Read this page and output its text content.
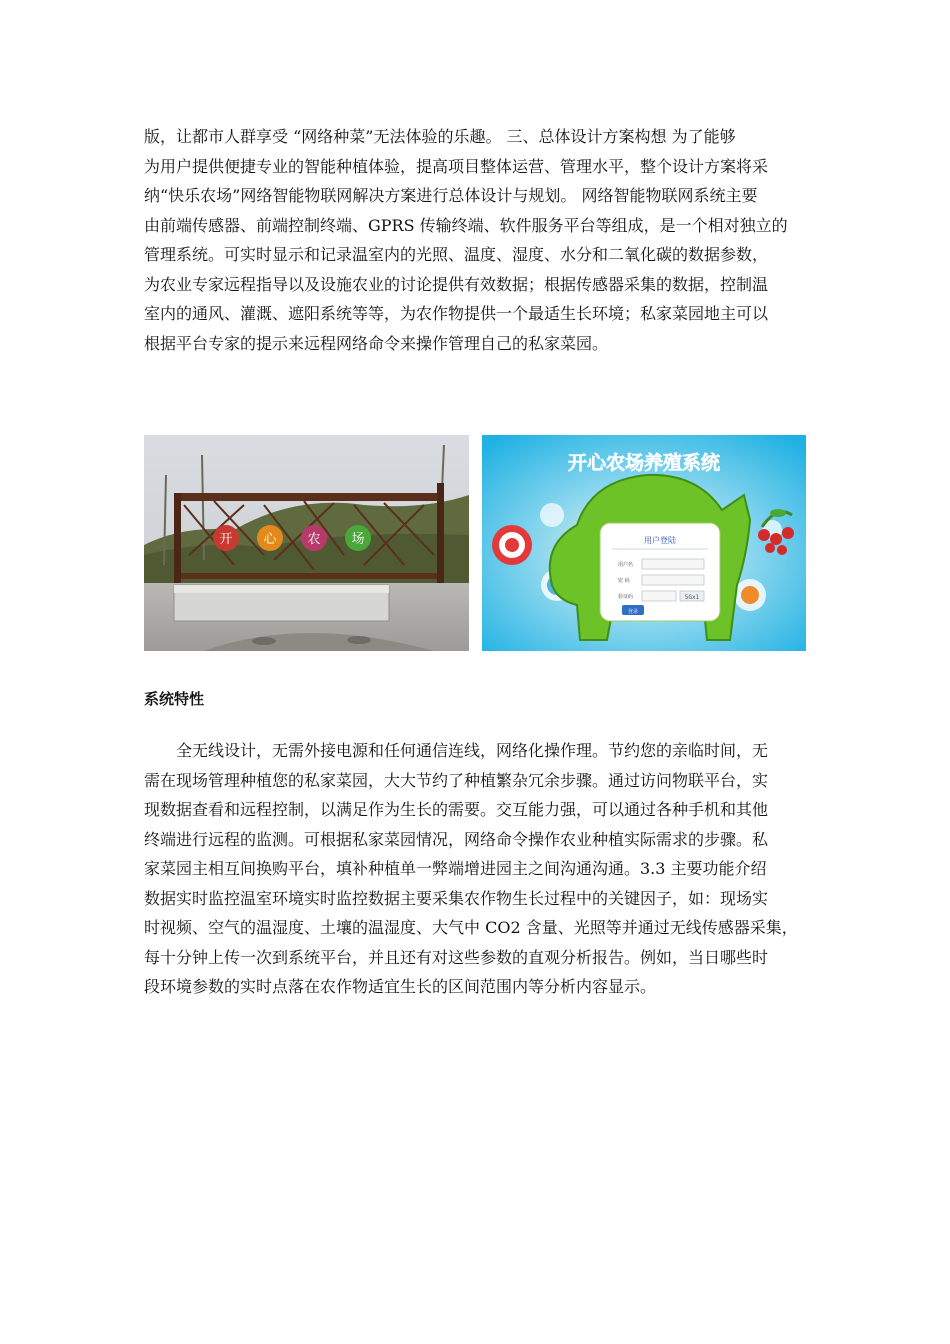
版，让都市人群享受 “网络种菜”无法体验的乐趣。 三、总体设计方案构想 为了能够
为用户提供便捷专业的智能种植体验，提高项目整体运营、管理水平，整个设计方案将采
纳“快乐农场”网络智能物联网解决方案进行总体设计与规划。 网络智能物联网系统主要
由前端传感器、前端控制终端、GPRS 传输终端、软件服务平台等组成，是一个相对独立的
管理系统。可实时显示和记录温室内的光照、温度、湿度、水分和二氧化碳的数据参数，
为农业专家远程指导以及设施农业的讨论提供有效数据；根据传感器采集的数据，控制温
室内的通风、灌溉、遮阳系统等等，为农作物提供一个最适生长环境；私家菜园地主可以
根据平台专家的提示来远程网络命令来操作管理自己的私家菜园。

开 心 农 场
开心农场养殖系统
用户登陆
用户名
密 码
验证码	5Gx1
登录
系统特性

全无线设计，无需外接电源和任何通信连线，网络化操作理。节约您的亲临时间，无
需在现场管理种植您的私家菜园，大大节约了种植繁杂冗余步骤。通过访问物联平台，实
现数据查看和远程控制，以满足作为生长的需要。交互能力强，可以通过各种手机和其他
终端进行远程的监测。可根据私家菜园情况，网络命令操作农业种植实际需求的步骤。私
家菜园主相互间换购平台，填补种植单一弊端增进园主之间沟通沟通。3.3 主要功能介绍
数据实时监控温室环境实时监控数据主要采集农作物生长过程中的关键因子，如：现场实
时视频、空气的温湿度、土壤的温湿度、大气中 CO2 含量、光照等并通过无线传感器采集，
每十分钟上传一次到系统平台，并且还有对这些参数的直观分析报告。例如，当日哪些时
段环境参数的实时点落在农作物适宜生长的区间范围内等分析内容显示。
